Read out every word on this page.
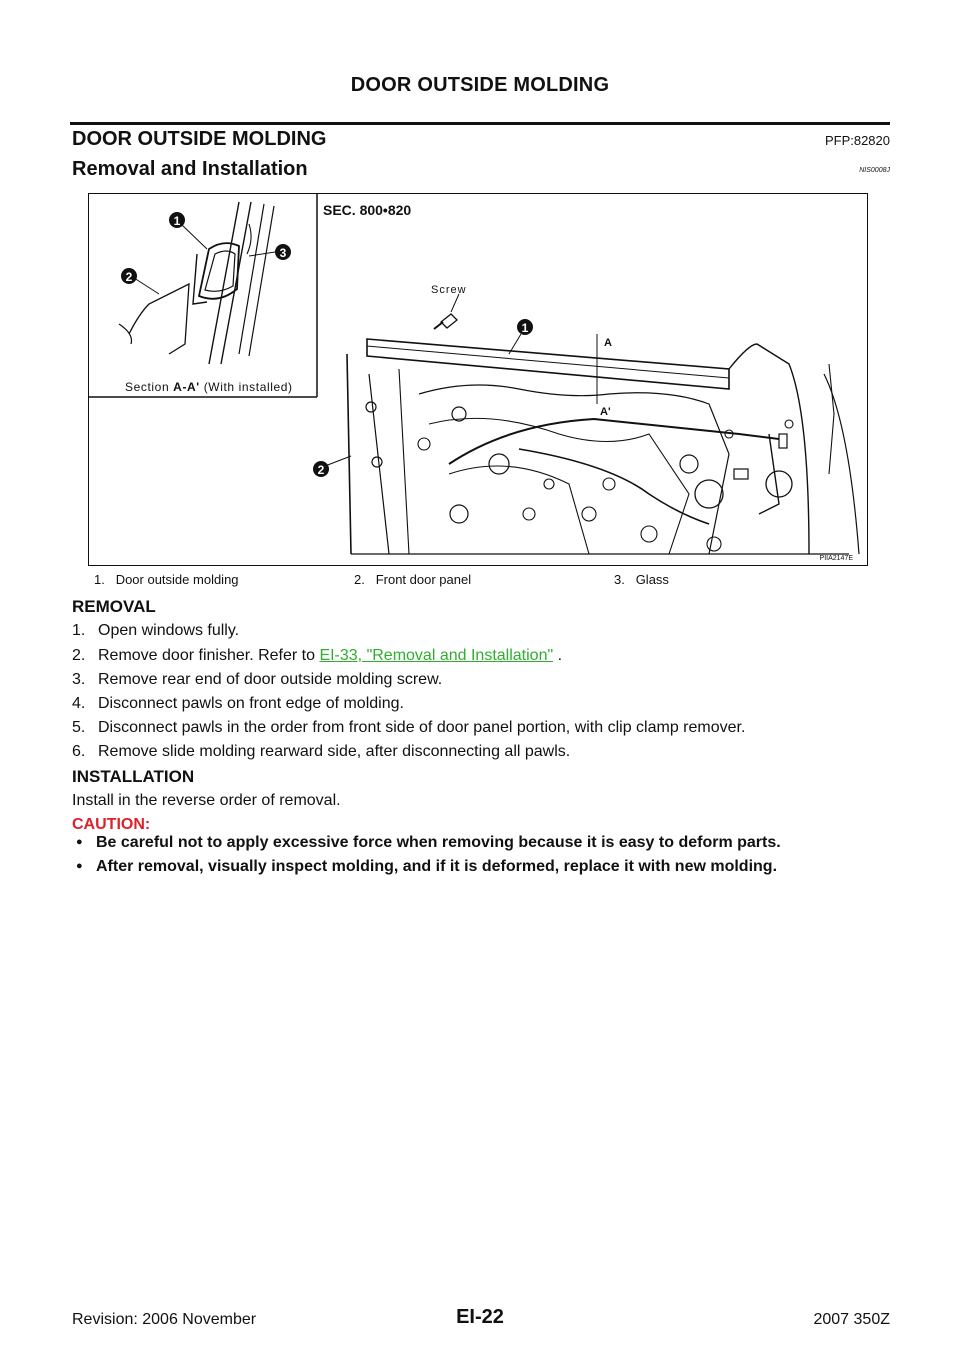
DOOR OUTSIDE MOLDING
DOOR OUTSIDE MOLDING	PFP:82820
Removal and Installation	NIS0008J
1
2
3
1
2
SEC. 800•820
Screw
A
A'
Section A-A' (With installed)
PIIA2147E
1. Door outside molding	2. Front door panel	3. Glass
REMOVAL
1. Open windows fully.
2. Remove door finisher. Refer to EI-33, "Removal and Installation" .
3. Remove rear end of door outside molding screw.
4. Disconnect pawls on front edge of molding.
5. Disconnect pawls in the order from front side of door panel portion, with clip clamp remover.
6. Remove slide molding rearward side, after disconnecting all pawls.
INSTALLATION
Install in the reverse order of removal.
CAUTION:
● Be careful not to apply excessive force when removing because it is easy to deform parts.
● After removal, visually inspect molding, and if it is deformed, replace it with new molding.
Revision: 2006 November	EI-22	2007 350Z
